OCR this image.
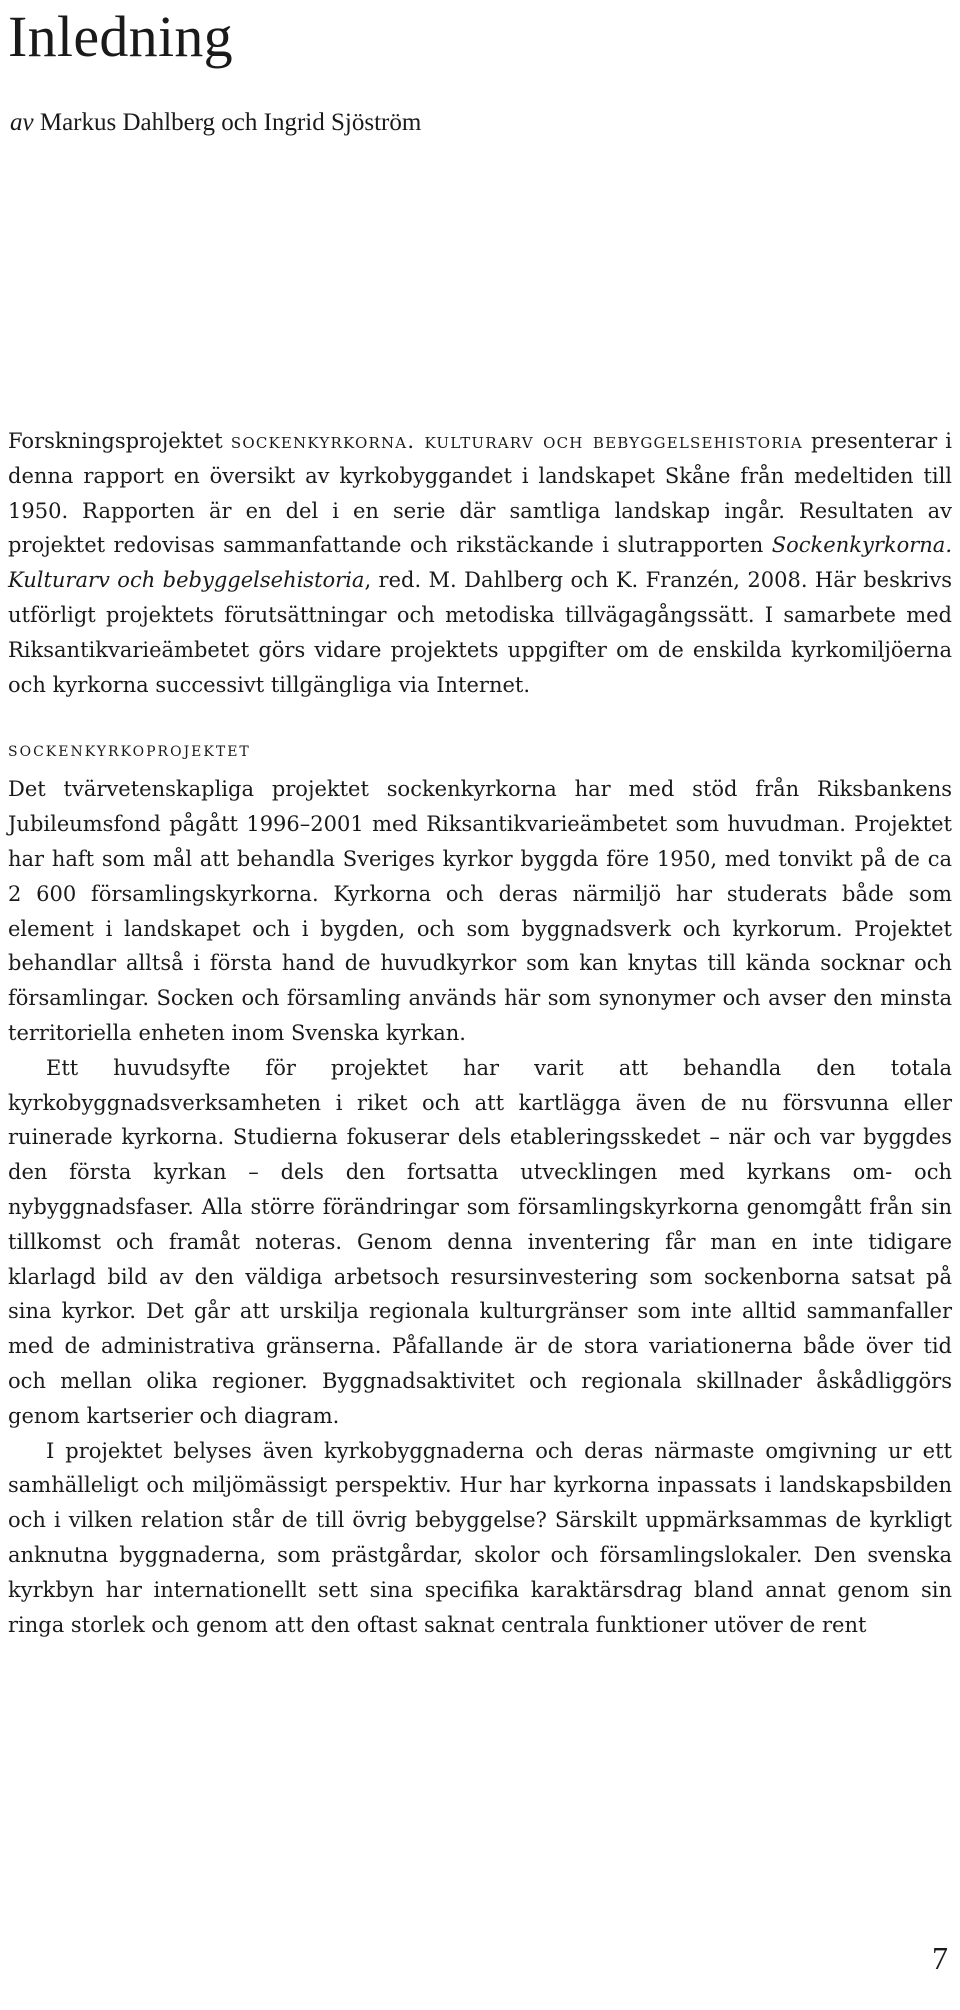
Inledning

av Markus Dahlberg och Ingrid Sjöström

Forskningsprojektet sockenkyrkorna. kulturarv och bebyggelsehistoria presenterar i denna rapport en översikt av kyrkobyggandet i landskapet Skåne från medeltiden till 1950. Rapporten är en del i en serie där samtliga landskap ingår. Resultaten av projektet redovisas sammanfattande och rikstäckande i slutrapporten Sockenkyrkorna. Kulturarv och bebyggelsehistoria, red. M. Dahlberg och K. Franzén, 2008. Här beskrivs utförligt projektets förutsättningar och metodiska tillvägagångssätt. I samarbete med Riksantikvarieämbetet görs vidare projektets uppgifter om de enskilda kyrkomiljöerna och kyrkorna successivt tillgängliga via Internet.

sockenkyrkoprojektet

Det tvärvetenskapliga projektet sockenkyrkorna har med stöd från Riksbankens Jubileumsfond pågått 1996–2001 med Riksantikvarieämbetet som huvudman. Projektet har haft som mål att behandla Sveriges kyrkor byggda före 1950, med tonvikt på de ca 2 600 församlingskyrkorna. Kyrkorna och deras närmiljö har studerats både som element i landskapet och i bygden, och som byggnadsverk och kyrkorum. Projektet behandlar alltså i första hand de huvudkyrkor som kan knytas till kända socknar och församlingar. Socken och församling används här som synonymer och avser den minsta territoriella enheten inom Svenska kyrkan.

Ett huvudsyfte för projektet har varit att behandla den totala kyrkobyggnadsverksamheten i riket och att kartlägga även de nu försvunna eller ruinerade kyrkorna. Studierna fokuserar dels etableringsskedet – när och var byggdes den första kyrkan – dels den fortsatta utvecklingen med kyrkans om- och nybyggnadsfaser. Alla större förändringar som församlingskyrkorna genomgått från sin tillkomst och framåt noteras. Genom denna inventering får man en inte tidigare klarlagd bild av den väldiga arbetsoch resursinvestering som sockenborna satsat på sina kyrkor. Det går att urskilja regionala kulturgränser som inte alltid sammanfaller med de administrativa gränserna. Påfallande är de stora variationerna både över tid och mellan olika regioner. Byggnadsaktivitet och regionala skillnader åskådliggörs genom kartserier och diagram.

I projektet belyses även kyrkobyggnaderna och deras närmaste omgivning ur ett samhälleligt och miljömässigt perspektiv. Hur har kyrkorna inpassats i landskapsbilden och i vilken relation står de till övrig bebyggelse? Särskilt uppmärksammas de kyrkligt anknutna byggnaderna, som prästgårdar, skolor och församlingslokaler. Den svenska kyrkbyn har internationellt sett sina specifika karaktärsdrag bland annat genom sin ringa storlek och genom att den oftast saknat centrala funktioner utöver de rent

7
